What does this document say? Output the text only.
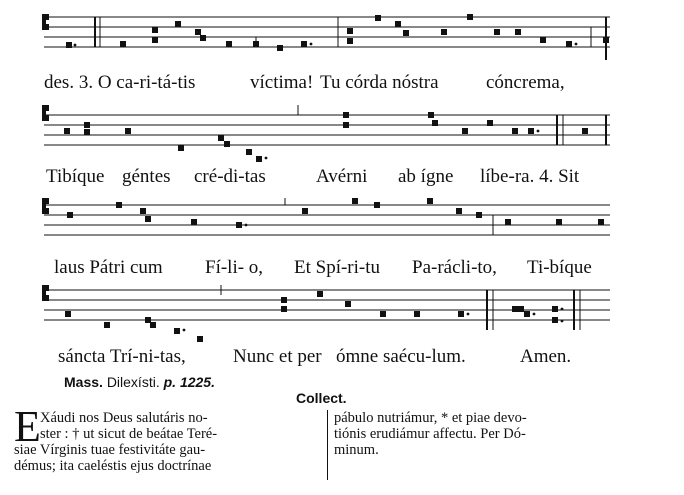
des. 3. O ca-ri-tá-tis	víctima! Tu córda nóstra cóncrema,
Tibíque géntes cré-di-tas	Avérni ab ígne líbe-ra. 4. Sit
laus Pátri cum Fí-li- o, Et Spí-ri-tu Pa-rácli-to, Ti-bíque
sáncta Trí-ni-tas, Nunc et per ómne saécu-lum.	Amen.
Mass. Dilexísti. p. 1225.
Collect.
E Xáudi nos Deus salutáris no-
ster : † ut sicut de beátae Teré-
siae Vírginis tuae festivitáte gau-
démus; ita caeléstis ejus doctrínae
pábulo nutriámur, * et piae devo-
tiónis erudiámur affectu. Per Dó-
minum.
